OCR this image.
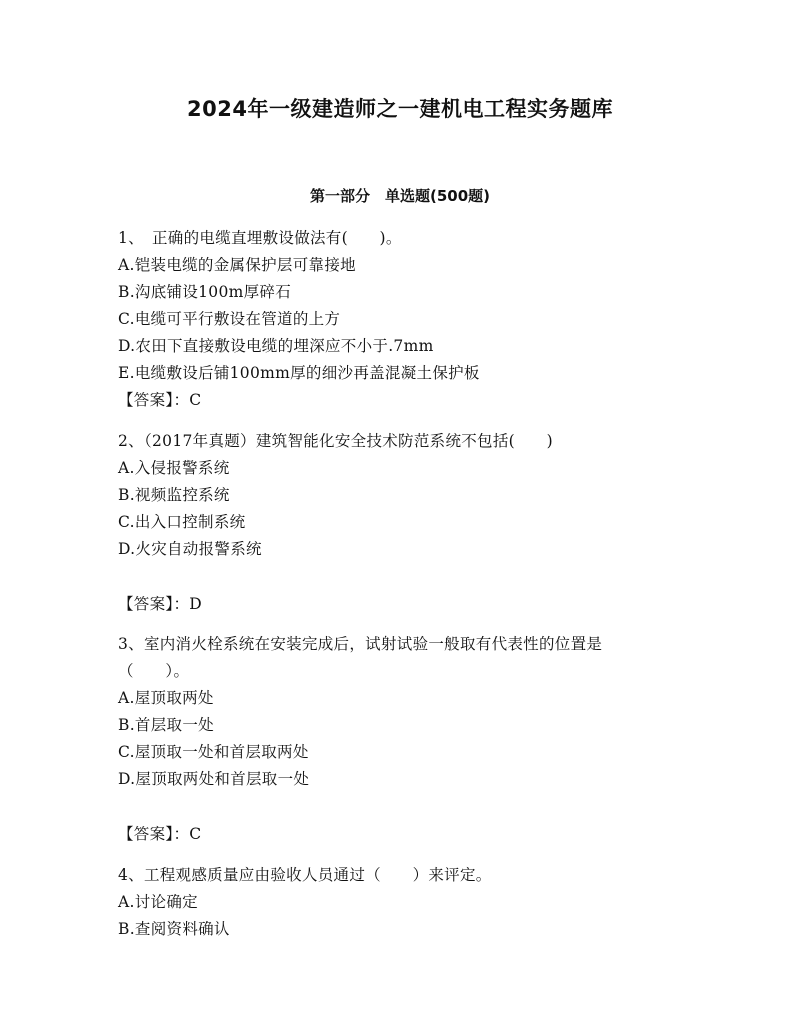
2024年一级建造师之一建机电工程实务题库
第一部分　单选题(500题)
1、　正确的电缆直埋敷设做法有(　　)。
A.铠装电缆的金属保护层可靠接地
B.沟底铺设100m厚碎石
C.电缆可平行敷设在管道的上方
D.农田下直接敷设电缆的埋深应不小于.7mm
E.电缆敷设后铺100mm厚的细沙再盖混凝土保护板
【答案】：C
2、（2017年真题）建筑智能化安全技术防范系统不包括(　　)
A.入侵报警系统
B.视频监控系统
C.出入口控制系统
D.火灾自动报警系统
【答案】：D
3、室内消火栓系统在安装完成后，试射试验一般取有代表性的位置是
（　　）。
A.屋顶取两处
B.首层取一处
C.屋顶取一处和首层取两处
D.屋顶取两处和首层取一处
【答案】：C
4、工程观感质量应由验收人员通过（　　）来评定。
A.讨论确定
B.查阅资料确认
